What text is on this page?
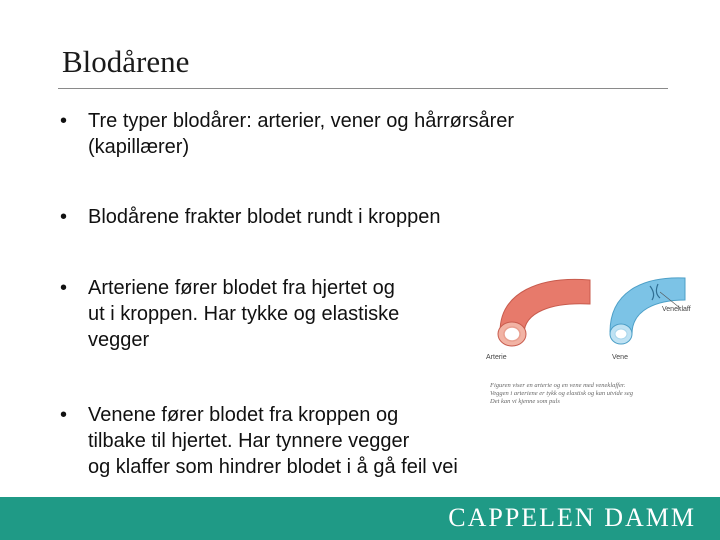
Blodårene
• Tre typer blodårer: arterier, vener og hårrørsårer
(kapillærer)
• Blodårene frakter blodet rundt i kroppen
• Arteriene fører blodet fra hjertet og
ut i kroppen. Har tykke og elastiske
vegger
• Venene fører blodet fra kroppen og
tilbake til hjertet. Har tynnere vegger
og klaffer som hindrer blodet i å gå feil vei
Arterie	Vene
Veneklaff
Figuren viser en arterie og en vene med veneklaffer.
Veggen i arteriene er tykk og elastisk og kan utvide seg
Det kan vi kjenne som puls
CAPPELEN DAMM
